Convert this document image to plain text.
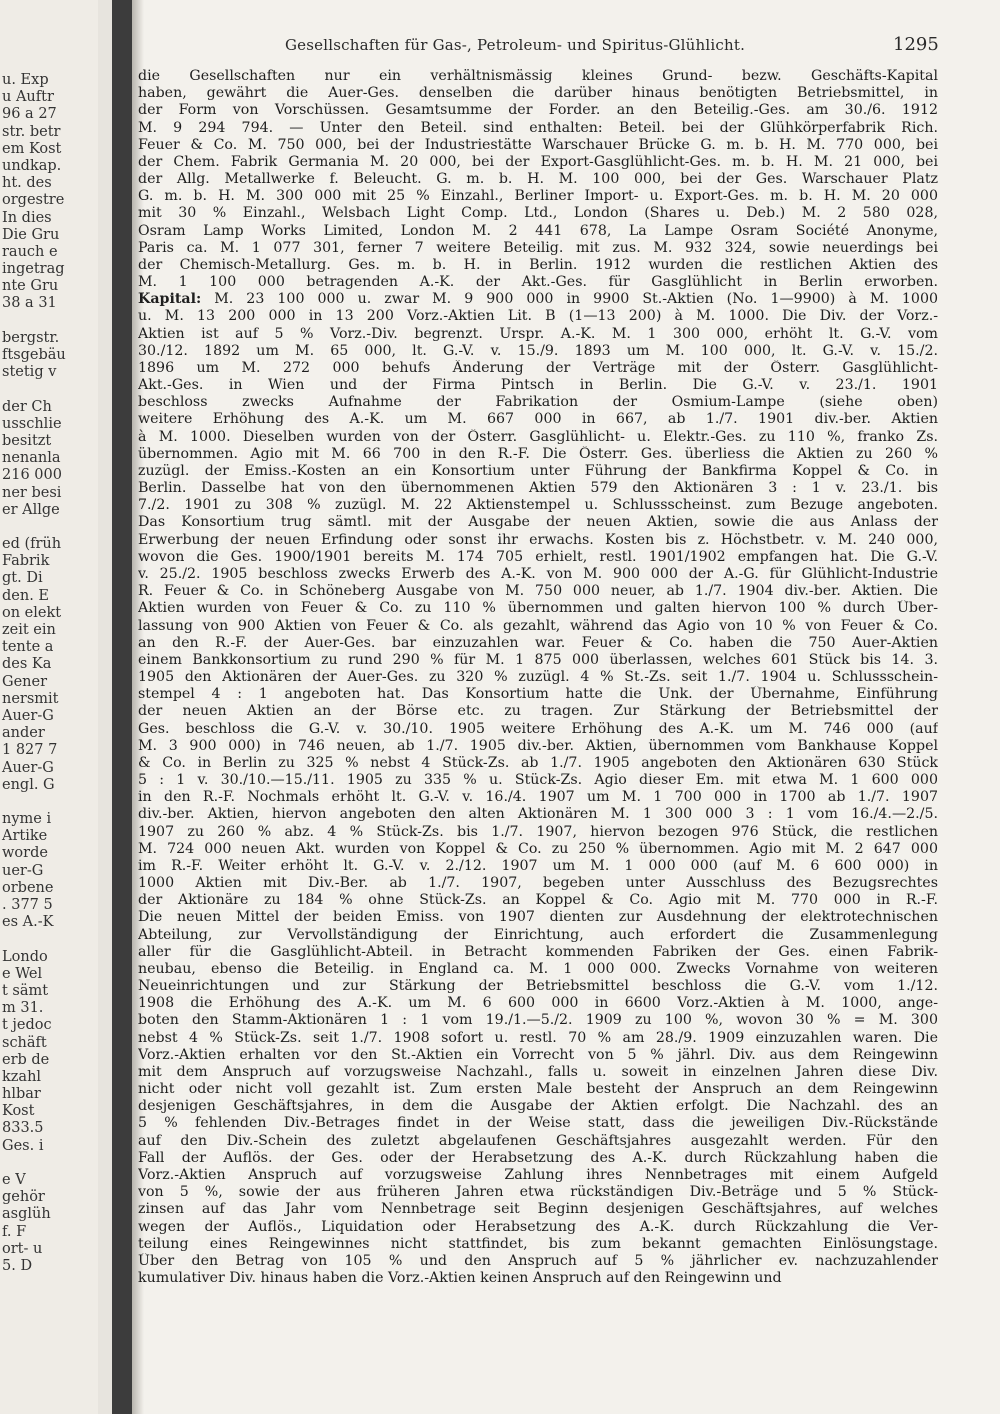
u. Exp
u Auftr
96 a 27
str. betr
em Kost
undkap.
ht. des
orgestre
In dies
Die Gru
rauch e
ingetrag
nte Gru
38 a 31
bergstr.
ftsgebäu
stetig v
der Ch
usschlie
besitzt
nenanla
216 000
ner besi
er Allge
ed (früh
Fabrik
gt. Di
den. E
on elekt
zeit ein
tente a
des Ka
Gener
nersmit
Auer-G
ander
1 827 7
Auer-G
engl. G
nyme i
Artike
worde
uer-G
orbene
. 377 5
es A.-K
Londo
e Wel
t sämt
m 31.
t jedoc
schäft
erb de
kzahl
hlbar
Kost
833.5
Ges. i
e V
gehör
asglüh
f. F
ort- u
5. D
Gesellschaften für Gas-, Petroleum- und Spiritus-Glühlicht.	1295
die Gesellschaften nur ein verhältnismässig kleines Grund- bezw. Geschäfts-Kapital
haben, gewährt die Auer-Ges. denselben die darüber hinaus benötigten Betriebsmittel, in
der Form von Vorschüssen. Gesamtsumme der Forder. an den Beteilig.-Ges. am 30./6. 1912
M. 9 294 794. — Unter den Beteil. sind enthalten: Beteil. bei der Glühkörperfabrik Rich.
Feuer & Co. M. 750 000, bei der Industriestätte Warschauer Brücke G. m. b. H. M. 770 000, bei
der Chem. Fabrik Germania M. 20 000, bei der Export-Gasglühlicht-Ges. m. b. H. M. 21 000, bei
der Allg. Metallwerke f. Beleucht. G. m. b. H. M. 100 000, bei der Ges. Warschauer Platz
G. m. b. H. M. 300 000 mit 25 % Einzahl., Berliner Import- u. Export-Ges. m. b. H. M. 20 000
mit 30 % Einzahl., Welsbach Light Comp. Ltd., London (Shares u. Deb.) M. 2 580 028,
Osram Lamp Works Limited, London M. 2 441 678, La Lampe Osram Société Anonyme,
Paris ca. M. 1 077 301, ferner 7 weitere Beteilig. mit zus. M. 932 324, sowie neuerdings bei
der Chemisch-Metallurg. Ges. m. b. H. in Berlin. 1912 wurden die restlichen Aktien des
M. 1 100 000 betragenden A.-K. der Akt.-Ges. für Gasglühlicht in Berlin erworben.
Kapital: M. 23 100 000 u. zwar M. 9 900 000 in 9900 St.-Aktien (No. 1—9900) à M. 1000
u. M. 13 200 000 in 13 200 Vorz.-Aktien Lit. B (1—13 200) à M. 1000. Die Div. der Vorz.-
Aktien ist auf 5 % Vorz.-Div. begrenzt. Urspr. A.-K. M. 1 300 000, erhöht lt. G.-V. vom
30./12. 1892 um M. 65 000, lt. G.-V. v. 15./9. 1893 um M. 100 000, lt. G.-V. v. 15./2.
1896 um M. 272 000 behufs Änderung der Verträge mit der Österr. Gasglühlicht-
Akt.-Ges. in Wien und der Firma Pintsch in Berlin. Die G.-V. v. 23./1. 1901
beschloss zwecks Aufnahme der Fabrikation der Osmium-Lampe (siehe oben)
weitere Erhöhung des A.-K. um M. 667 000 in 667, ab 1./7. 1901 div.-ber. Aktien
à M. 1000. Dieselben wurden von der Österr. Gasglühlicht- u. Elektr.-Ges. zu 110 %, franko Zs.
übernommen. Agio mit M. 66 700 in den R.-F. Die Österr. Ges. überliess die Aktien zu 260 %
zuzügl. der Emiss.-Kosten an ein Konsortium unter Führung der Bankfirma Koppel & Co. in
Berlin. Dasselbe hat von den übernommenen Aktien 579 den Aktionären 3 : 1 v. 23./1. bis
7./2. 1901 zu 308 % zuzügl. M. 22 Aktienstempel u. Schlussscheinst. zum Bezuge angeboten.
Das Konsortium trug sämtl. mit der Ausgabe der neuen Aktien, sowie die aus Anlass der
Erwerbung der neuen Erfindung oder sonst ihr erwachs. Kosten bis z. Höchstbetr. v. M. 240 000,
wovon die Ges. 1900/1901 bereits M. 174 705 erhielt, restl. 1901/1902 empfangen hat. Die G.-V.
v. 25./2. 1905 beschloss zwecks Erwerb des A.-K. von M. 900 000 der A.-G. für Glühlicht-Industrie
R. Feuer & Co. in Schöneberg Ausgabe von M. 750 000 neuer, ab 1./7. 1904 div.-ber. Aktien. Die
Aktien wurden von Feuer & Co. zu 110 % übernommen und galten hiervon 100 % durch Über-
lassung von 900 Aktien von Feuer & Co. als gezahlt, während das Agio von 10 % von Feuer & Co.
an den R.-F. der Auer-Ges. bar einzuzahlen war. Feuer & Co. haben die 750 Auer-Aktien
einem Bankkonsortium zu rund 290 % für M. 1 875 000 überlassen, welches 601 Stück bis 14. 3.
1905 den Aktionären der Auer-Ges. zu 320 % zuzügl. 4 % St.-Zs. seit 1./7. 1904 u. Schlussschein-
stempel 4 : 1 angeboten hat. Das Konsortium hatte die Unk. der Übernahme, Einführung
der neuen Aktien an der Börse etc. zu tragen. Zur Stärkung der Betriebsmittel der
Ges. beschloss die G.-V. v. 30./10. 1905 weitere Erhöhung des A.-K. um M. 746 000 (auf
M. 3 900 000) in 746 neuen, ab 1./7. 1905 div.-ber. Aktien, übernommen vom Bankhause Koppel
& Co. in Berlin zu 325 % nebst 4 Stück-Zs. ab 1./7. 1905 angeboten den Aktionären 630 Stück
5 : 1 v. 30./10.—15./11. 1905 zu 335 % u. Stück-Zs. Agio dieser Em. mit etwa M. 1 600 000
in den R.-F. Nochmals erhöht lt. G.-V. v. 16./4. 1907 um M. 1 700 000 in 1700 ab 1./7. 1907
div.-ber. Aktien, hiervon angeboten den alten Aktionären M. 1 300 000 3 : 1 vom 16./4.—2./5.
1907 zu 260 % abz. 4 % Stück-Zs. bis 1./7. 1907, hiervon bezogen 976 Stück, die restlichen
M. 724 000 neuen Akt. wurden von Koppel & Co. zu 250 % übernommen. Agio mit M. 2 647 000
im R.-F. Weiter erhöht lt. G.-V. v. 2./12. 1907 um M. 1 000 000 (auf M. 6 600 000) in
1000 Aktien mit Div.-Ber. ab 1./7. 1907, begeben unter Ausschluss des Bezugsrechtes
der Aktionäre zu 184 % ohne Stück-Zs. an Koppel & Co. Agio mit M. 770 000 in R.-F.
Die neuen Mittel der beiden Emiss. von 1907 dienten zur Ausdehnung der elektrotechnischen
Abteilung, zur Vervollständigung der Einrichtung, auch erfordert die Zusammenlegung
aller für die Gasglühlicht-Abteil. in Betracht kommenden Fabriken der Ges. einen Fabrik-
neubau, ebenso die Beteilig. in England ca. M. 1 000 000. Zwecks Vornahme von weiteren
Neueinrichtungen und zur Stärkung der Betriebsmittel beschloss die G.-V. vom 1./12.
1908 die Erhöhung des A.-K. um M. 6 600 000 in 6600 Vorz.-Aktien à M. 1000, ange-
boten den Stamm-Aktionären 1 : 1 vom 19./1.—5./2. 1909 zu 100 %, wovon 30 % = M. 300
nebst 4 % Stück-Zs. seit 1./7. 1908 sofort u. restl. 70 % am 28./9. 1909 einzuzahlen waren. Die
Vorz.-Aktien erhalten vor den St.-Aktien ein Vorrecht von 5 % jährl. Div. aus dem Reingewinn
mit dem Anspruch auf vorzugsweise Nachzahl., falls u. soweit in einzelnen Jahren diese Div.
nicht oder nicht voll gezahlt ist. Zum ersten Male besteht der Anspruch an dem Reingewinn
desjenigen Geschäftsjahres, in dem die Ausgabe der Aktien erfolgt. Die Nachzahl. des an
5 % fehlenden Div.-Betrages findet in der Weise statt, dass die jeweiligen Div.-Rückstände
auf den Div.-Schein des zuletzt abgelaufenen Geschäftsjahres ausgezahlt werden. Für den
Fall der Auflös. der Ges. oder der Herabsetzung des A.-K. durch Rückzahlung haben die
Vorz.-Aktien Anspruch auf vorzugsweise Zahlung ihres Nennbetrages mit einem Aufgeld
von 5 %, sowie der aus früheren Jahren etwa rückständigen Div.-Beträge und 5 % Stück-
zinsen auf das Jahr vom Nennbetrage seit Beginn desjenigen Geschäftsjahres, auf welches
wegen der Auflös., Liquidation oder Herabsetzung des A.-K. durch Rückzahlung die Ver-
teilung eines Reingewinnes nicht stattfindet, bis zum bekannt gemachten Einlösungstage.
Über den Betrag von 105 % und den Anspruch auf 5 % jährlicher ev. nachzuzahlender
kumulativer Div. hinaus haben die Vorz.-Aktien keinen Anspruch auf den Reingewinn und
